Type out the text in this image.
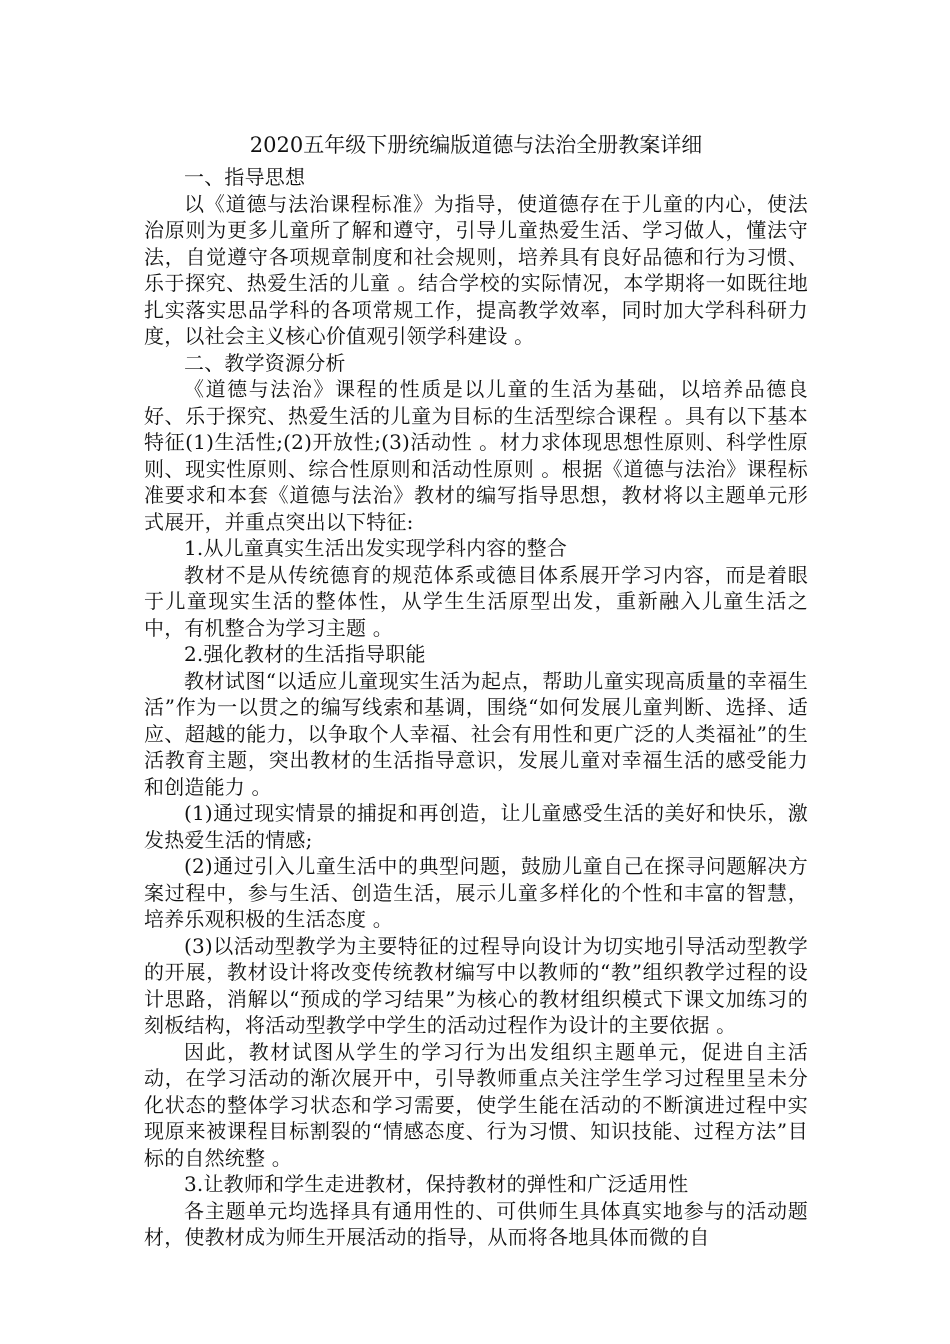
2020五年级下册统编版道德与法治全册教案详细

一、指导思想

以《道德与法治课程标准》为指导，使道德存在于儿童的内心，使法治原则为更多儿童所了解和遵守，引导儿童热爱生活、学习做人，懂法守法，自觉遵守各项规章制度和社会规则，培养具有良好品德和行为习惯、乐于探究、热爱生活的儿童 。结合学校的实际情况，本学期将一如既往地扎实落实思品学科的各项常规工作，提高教学效率，同时加大学科科研力度，以社会主义核心价值观引领学科建设 。

二、教学资源分析

《道德与法治》课程的性质是以儿童的生活为基础，以培养品德良好、乐于探究、热爱生活的儿童为目标的生活型综合课程 。具有以下基本特征(1)生活性;(2)开放性;(3)活动性 。材力求体现思想性原则、科学性原则、现实性原则、综合性原则和活动性原则 。根据《道德与法治》课程标准要求和本套《道德与法治》教材的编写指导思想，教材将以主题单元形式展开，并重点突出以下特征:

1.从儿童真实生活出发实现学科内容的整合

教材不是从传统德育的规范体系或德目体系展开学习内容，而是着眼于儿童现实生活的整体性，从学生生活原型出发，重新融入儿童生活之中，有机整合为学习主题 。

2.强化教材的生活指导职能

教材试图“以适应儿童现实生活为起点，帮助儿童实现高质量的幸福生活”作为一以贯之的编写线索和基调，围绕“如何发展儿童判断、选择、适应、超越的能力，以争取个人幸福、社会有用性和更广泛的人类福祉”的生活教育主题，突出教材的生活指导意识，发展儿童对幸福生活的感受能力和创造能力 。

(1)通过现实情景的捕捉和再创造，让儿童感受生活的美好和快乐，激发热爱生活的情感;

(2)通过引入儿童生活中的典型问题，鼓励儿童自己在探寻问题解决方案过程中，参与生活、创造生活，展示儿童多样化的个性和丰富的智慧，培养乐观积极的生活态度 。

(3)以活动型教学为主要特征的过程导向设计为切实地引导活动型教学的开展，教材设计将改变传统教材编写中以教师的“教”组织教学过程的设计思路，消解以“预成的学习结果”为核心的教材组织模式下课文加练习的刻板结构，将活动型教学中学生的活动过程作为设计的主要依据 。

因此，教材试图从学生的学习行为出发组织主题单元，促进自主活动，在学习活动的渐次展开中，引导教师重点关注学生学习过程里呈未分化状态的整体学习状态和学习需要，使学生能在活动的不断演进过程中实现原来被课程目标割裂的“情感态度、行为习惯、知识技能、过程方法”目标的自然统整 。

3.让教师和学生走进教材，保持教材的弹性和广泛适用性

各主题单元均选择具有通用性的、可供师生具体真实地参与的活动题材，使教材成为师生开展活动的指导，从而将各地具体而微的自
